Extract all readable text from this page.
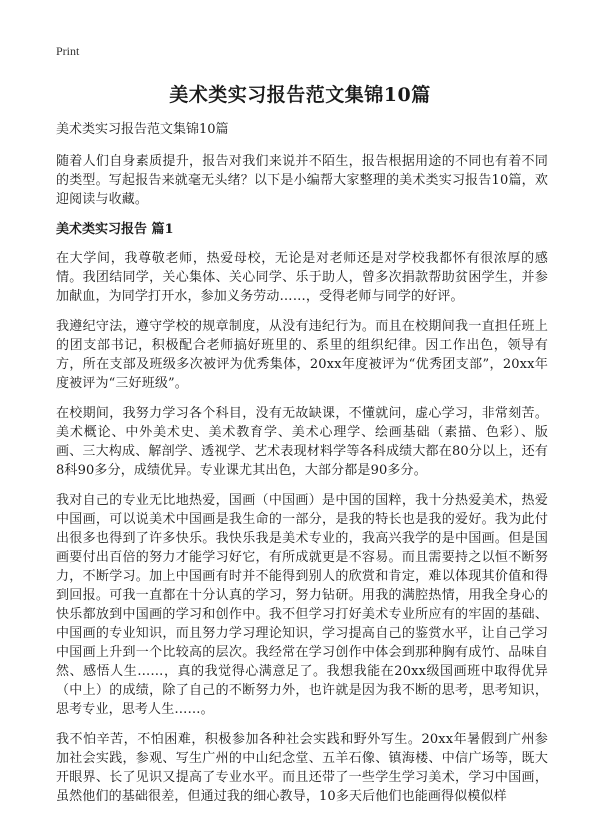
Print
美术类实习报告范文集锦10篇
美术类实习报告范文集锦10篇

随着人们自身素质提升，报告对我们来说并不陌生，报告根据用途的不同也有着不同的类型。写起报告来就毫无头绪？以下是小编帮大家整理的美术类实习报告10篇，欢迎阅读与收藏。

美术类实习报告 篇1

在大学间，我尊敬老师，热爱母校，无论是对老师还是对学校我都怀有很浓厚的感情。我团结同学，关心集体、关心同学、乐于助人，曾多次捐款帮助贫困学生，并参加献血，为同学打开水，参加义务劳动……，受得老师与同学的好评。

我遵纪守法，遵守学校的规章制度，从没有违纪行为。而且在校期间我一直担任班上的团支部书记，积极配合老师搞好班里的、系里的组织纪律。因工作出色，领导有方，所在支部及班级多次被评为优秀集体，20xx年度被评为“优秀团支部”，20xx年度被评为“三好班级”。

在校期间，我努力学习各个科目，没有无故缺课，不懂就问，虚心学习，非常刻苦。美术概论、中外美术史、美术教育学、美术心理学、绘画基础（素描、色彩）、版画、三大构成、解剖学、透视学、艺术表现材料学等各科成绩大都在80分以上，还有8科90多分，成绩优异。专业课尤其出色，大部分都是90多分。

我对自己的专业无比地热爱，国画（中国画）是中国的国粹，我十分热爱美术，热爱中国画，可以说美术中国画是我生命的一部分，是我的特长也是我的爱好。我为此付出很多也得到了许多快乐。我快乐我是美术专业的，我高兴我学的是中国画。但是国画要付出百倍的努力才能学习好它，有所成就更是不容易。而且需要持之以恒不断努力，不断学习。加上中国画有时并不能得到别人的欣赏和肯定，难以体现其价值和得到回报。可我一直都在十分认真的学习，努力钻研。用我的满腔热情，用我全身心的快乐都放到中国画的学习和创作中。我不但学习打好美术专业所应有的牢固的基础、中国画的专业知识，而且努力学习理论知识，学习提高自己的鉴赏水平，让自己学习中国画上升到一个比较高的层次。我经常在学习创作中体会到那种胸有成竹、品味自然、感悟人生……，真的我觉得心满意足了。我想我能在20xx级国画班中取得优异（中上）的成绩，除了自己的不断努力外，也许就是因为我不断的思考，思考知识，思考专业，思考人生……。

我不怕辛苦，不怕困难，积极参加各种社会实践和野外写生。20xx年暑假到广州参加社会实践，参观、写生广州的中山纪念堂、五羊石像、镇海楼、中信广场等，既大开眼界、长了见识又提高了专业水平。而且还带了一些学生学习美术，学习中国画，虽然他们的基础很差，但通过我的细心教导，10多天后他们也能画得似模似样
